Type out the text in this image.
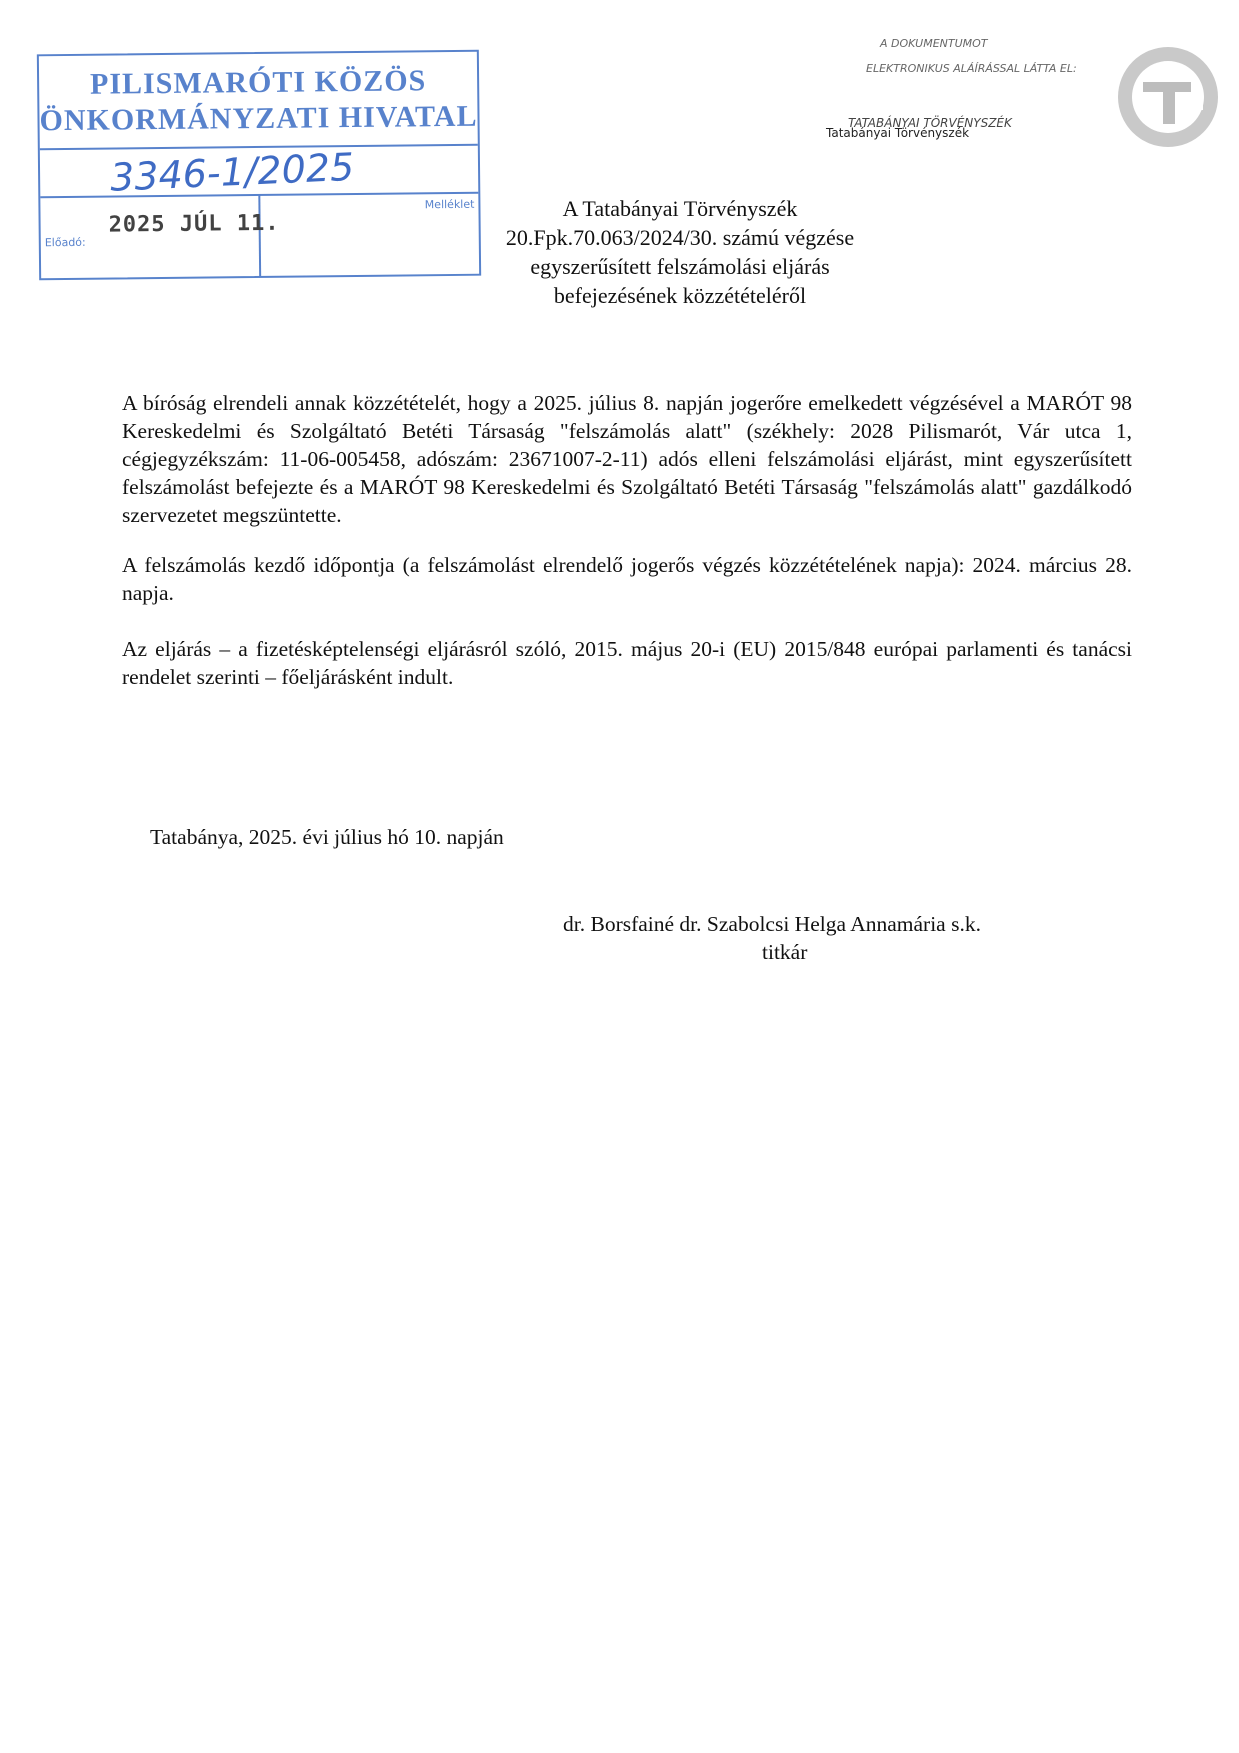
PILISMARÓTI KÖZÖS
ÖNKORMÁNYZATI HIVATAL
3346-1/2025
2025 JÚL 11.
Melléklet
Előadó:
A DOKUMENTUMOT
ELEKTRONIKUS ALÁÍRÁSSAL LÁTTA EL:
TATABÁNYAI TÖRVÉNYSZÉK
Tatabányai Törvényszék
A Tatabányai Törvényszék
20.Fpk.70.063/2024/30. számú végzése
egyszerűsített felszámolási eljárás
befejezésének közzétételéről
A bíróság elrendeli annak közzétételét, hogy a 2025. július 8. napján jogerőre emelkedett végzésével a MARÓT 98 Kereskedelmi és Szolgáltató Betéti Társaság "felszámolás alatt" (székhely: 2028 Pilismarót, Vár utca 1, cégjegyzékszám: 11-06-005458, adószám: 23671007-2-11) adós elleni felszámolási eljárást, mint egyszerűsített felszámolást befejezte és a MARÓT 98 Kereskedelmi és Szolgáltató Betéti Társaság "felszámolás alatt" gazdálkodó szervezetet megszüntette.
A felszámolás kezdő időpontja (a felszámolást elrendelő jogerős végzés közzétételének napja): 2024. március 28. napja.
Az eljárás – a fizetésképtelenségi eljárásról szóló, 2015. május 20-i (EU) 2015/848 európai parlamenti és tanácsi rendelet szerinti – főeljárásként indult.
Tatabánya, 2025. évi július hó 10. napján
dr. Borsfainé dr. Szabolcsi Helga Annamária s.k.
titkár
